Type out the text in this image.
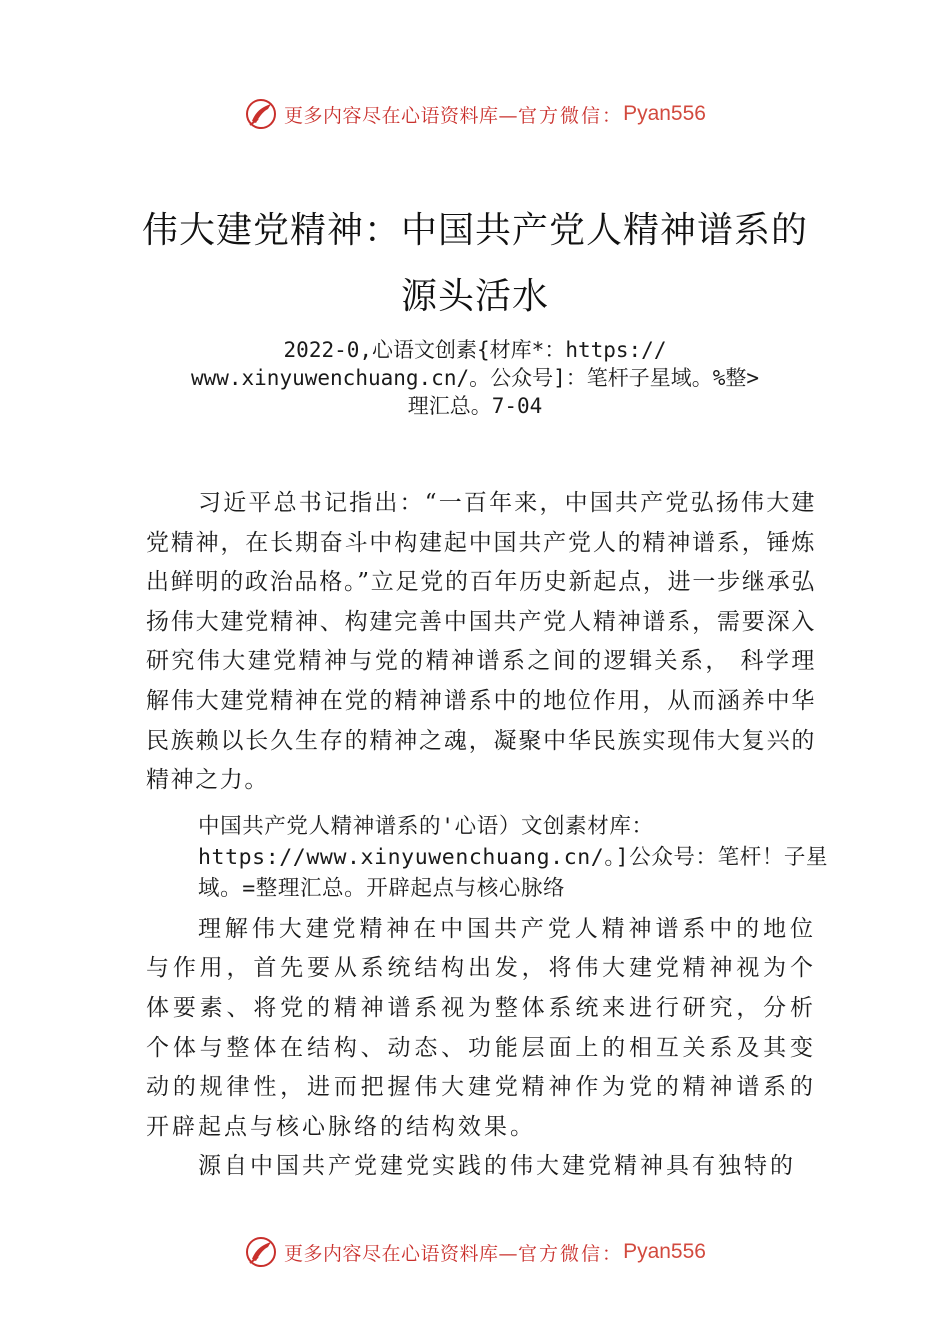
更多内容尽在心语资料库— 官方微信： Pyan556
伟大建党精神：中国共产党人精神谱系的
源头活水
2022-0,心语文创素{材库*：https://
www.xinyuwenchuang.cn/。公众号]：笔杆子星域。%整>
理汇总。7-04

习近平总书记指出：“一百年来，中国共产党弘扬伟大建党精神，在长期奋斗中构建起中国共产党人的精神谱系，锤炼出鲜明的政治品格。”立足党的百年历史新起点，进一步继承弘扬伟大建党精神、构建完善中国共产党人精神谱系，需要深入研究伟大建党精神与党的精神谱系之间的逻辑关系， 科学理解伟大建党精神在党的精神谱系中的地位作用，从而涵养中华民族赖以长久生存的精神之魂，凝聚中华民族实现伟大复兴的精神之力。

中国共产党人精神谱系的'心语）文创素材库：https://www.xinyuwenchuang.cn/。]公众号：笔杆！子星域。=整理汇总。开辟起点与核心脉络

理解伟大建党精神在中国共产党人精神谱系中的地位与作用，首先要从系统结构出发，将伟大建党精神视为个体要素、将党的精神谱系视为整体系统来进行研究，分析个体与整体在结构、动态、功能层面上的相互关系及其变动的规律性，进而把握伟大建党精神作为党的精神谱系的开辟起点与核心脉络的结构效果。

源自中国共产党建党实践的伟大建党精神具有独特的

更多内容尽在心语资料库— 官方微信： Pyan556
